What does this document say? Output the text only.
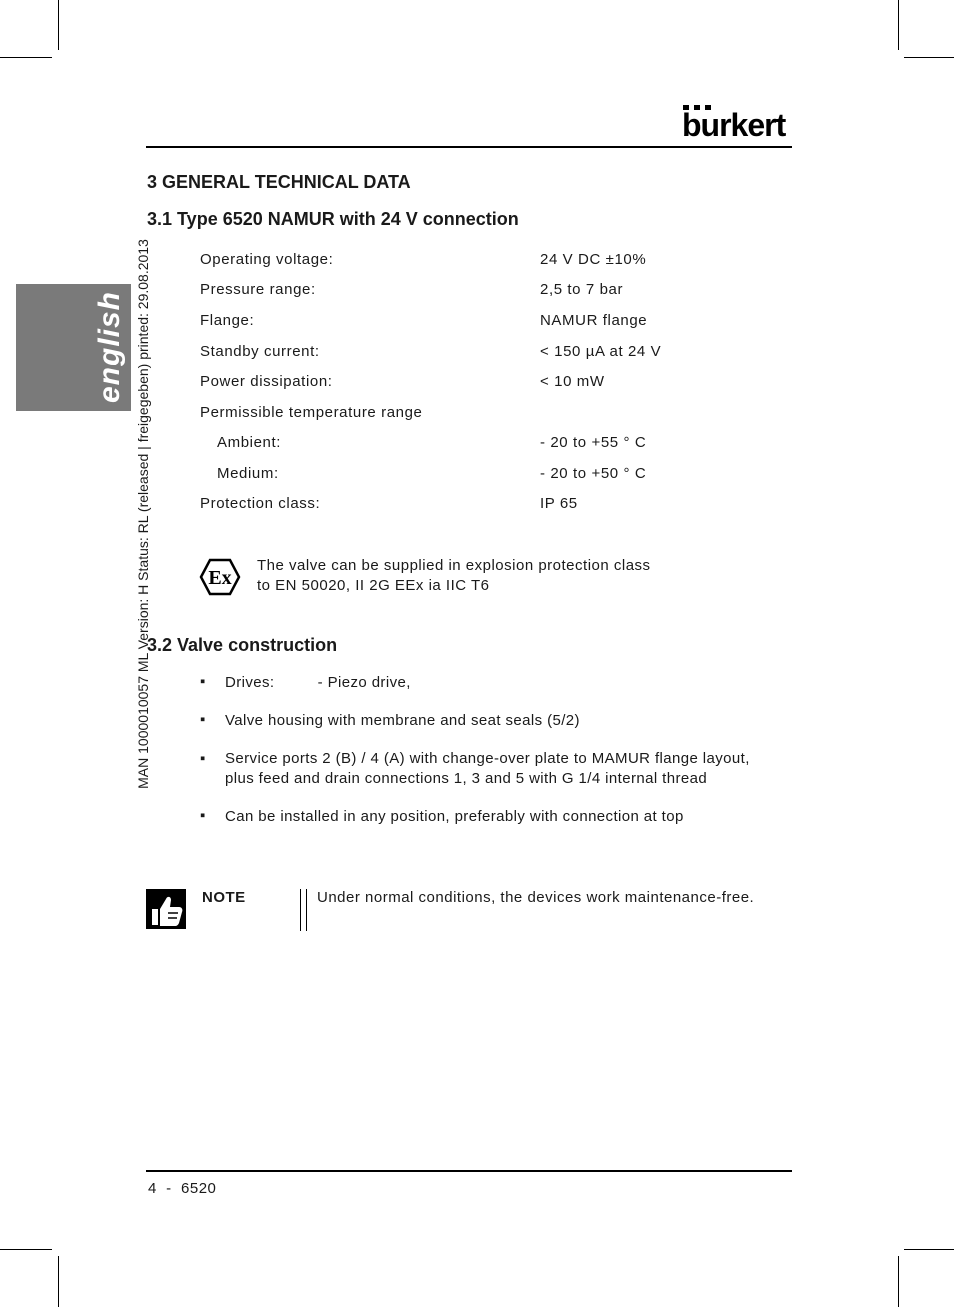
burkert
english MAN 1000010057 ML Version: H Status: RL (released | freigegeben) printed: 29.08.2013
3 GENERAL TECHNICAL DATA
3.1 Type 6520 NAMUR with 24 V connection
Operating voltage:	24 V DC ±10%
Pressure range:	2,5 to 7 bar
Flange:	NAMUR flange
Standby current:	< 150 µA at 24 V
Power dissipation:	< 10 mW
Permissible temperature range
Ambient:	- 20 to +55 ° C
Medium:	- 20 to +50 ° C
Protection class:	IP 65
Ex
The valve can be supplied in explosion protection class
to EN 50020, II 2G EEx ia IIC T6
3.2 Valve construction
▪ Drives:	- Piezo drive,
▪ Valve housing with membrane and seat seals (5/2)
▪ Service ports 2 (B) / 4 (A) with change-over plate to MAMUR flange layout,
plus feed and drain connections 1, 3 and 5 with G 1/4 internal thread
▪ Can be installed in any position, preferably with connection at top
NOTE	Under normal conditions, the devices work maintenance-free.
4  -  6520
